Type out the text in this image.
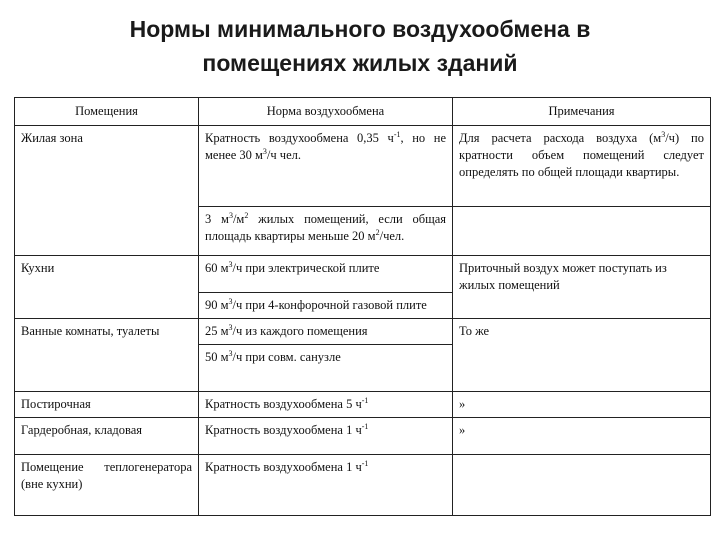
Нормы минимального воздухообмена в
помещениях жилых зданий
Помещения	Норма воздухообмена	Примечания
Жилая зона	Кратность воздухообмена 0,35 $ч^{-1}$, но не менее 30 $м^3/ч$ чел.	Для расчета расхода воздуха $(м^3/ч)$ по кратности объем помещений следует определять по общей площади квартиры.
	3 $м^3/м^2$ жилых помещений, если общая площадь квартиры меньше 20 $м^2$/чел.	
Кухни	60 $м^3/ч$ при электрической плите	Приточный воздух может поступать из жилых помещений
	90 $м^3/ч$ при 4-конфорочной газовой плите	
Ванные комнаты, туалеты	25 $м^3/ч$ из каждого помещения	То же
	50 $м^3/ч$ при совм. санузле	
Постирочная	Кратность воздухообмена 5 $ч^{-1}$	»
Гардеробная, кладовая	Кратность воздухообмена 1 $ч^{-1}$	»
Помещение теплогенератора (вне кухни)	Кратность воздухообмена 1 $ч^{-1}$	
